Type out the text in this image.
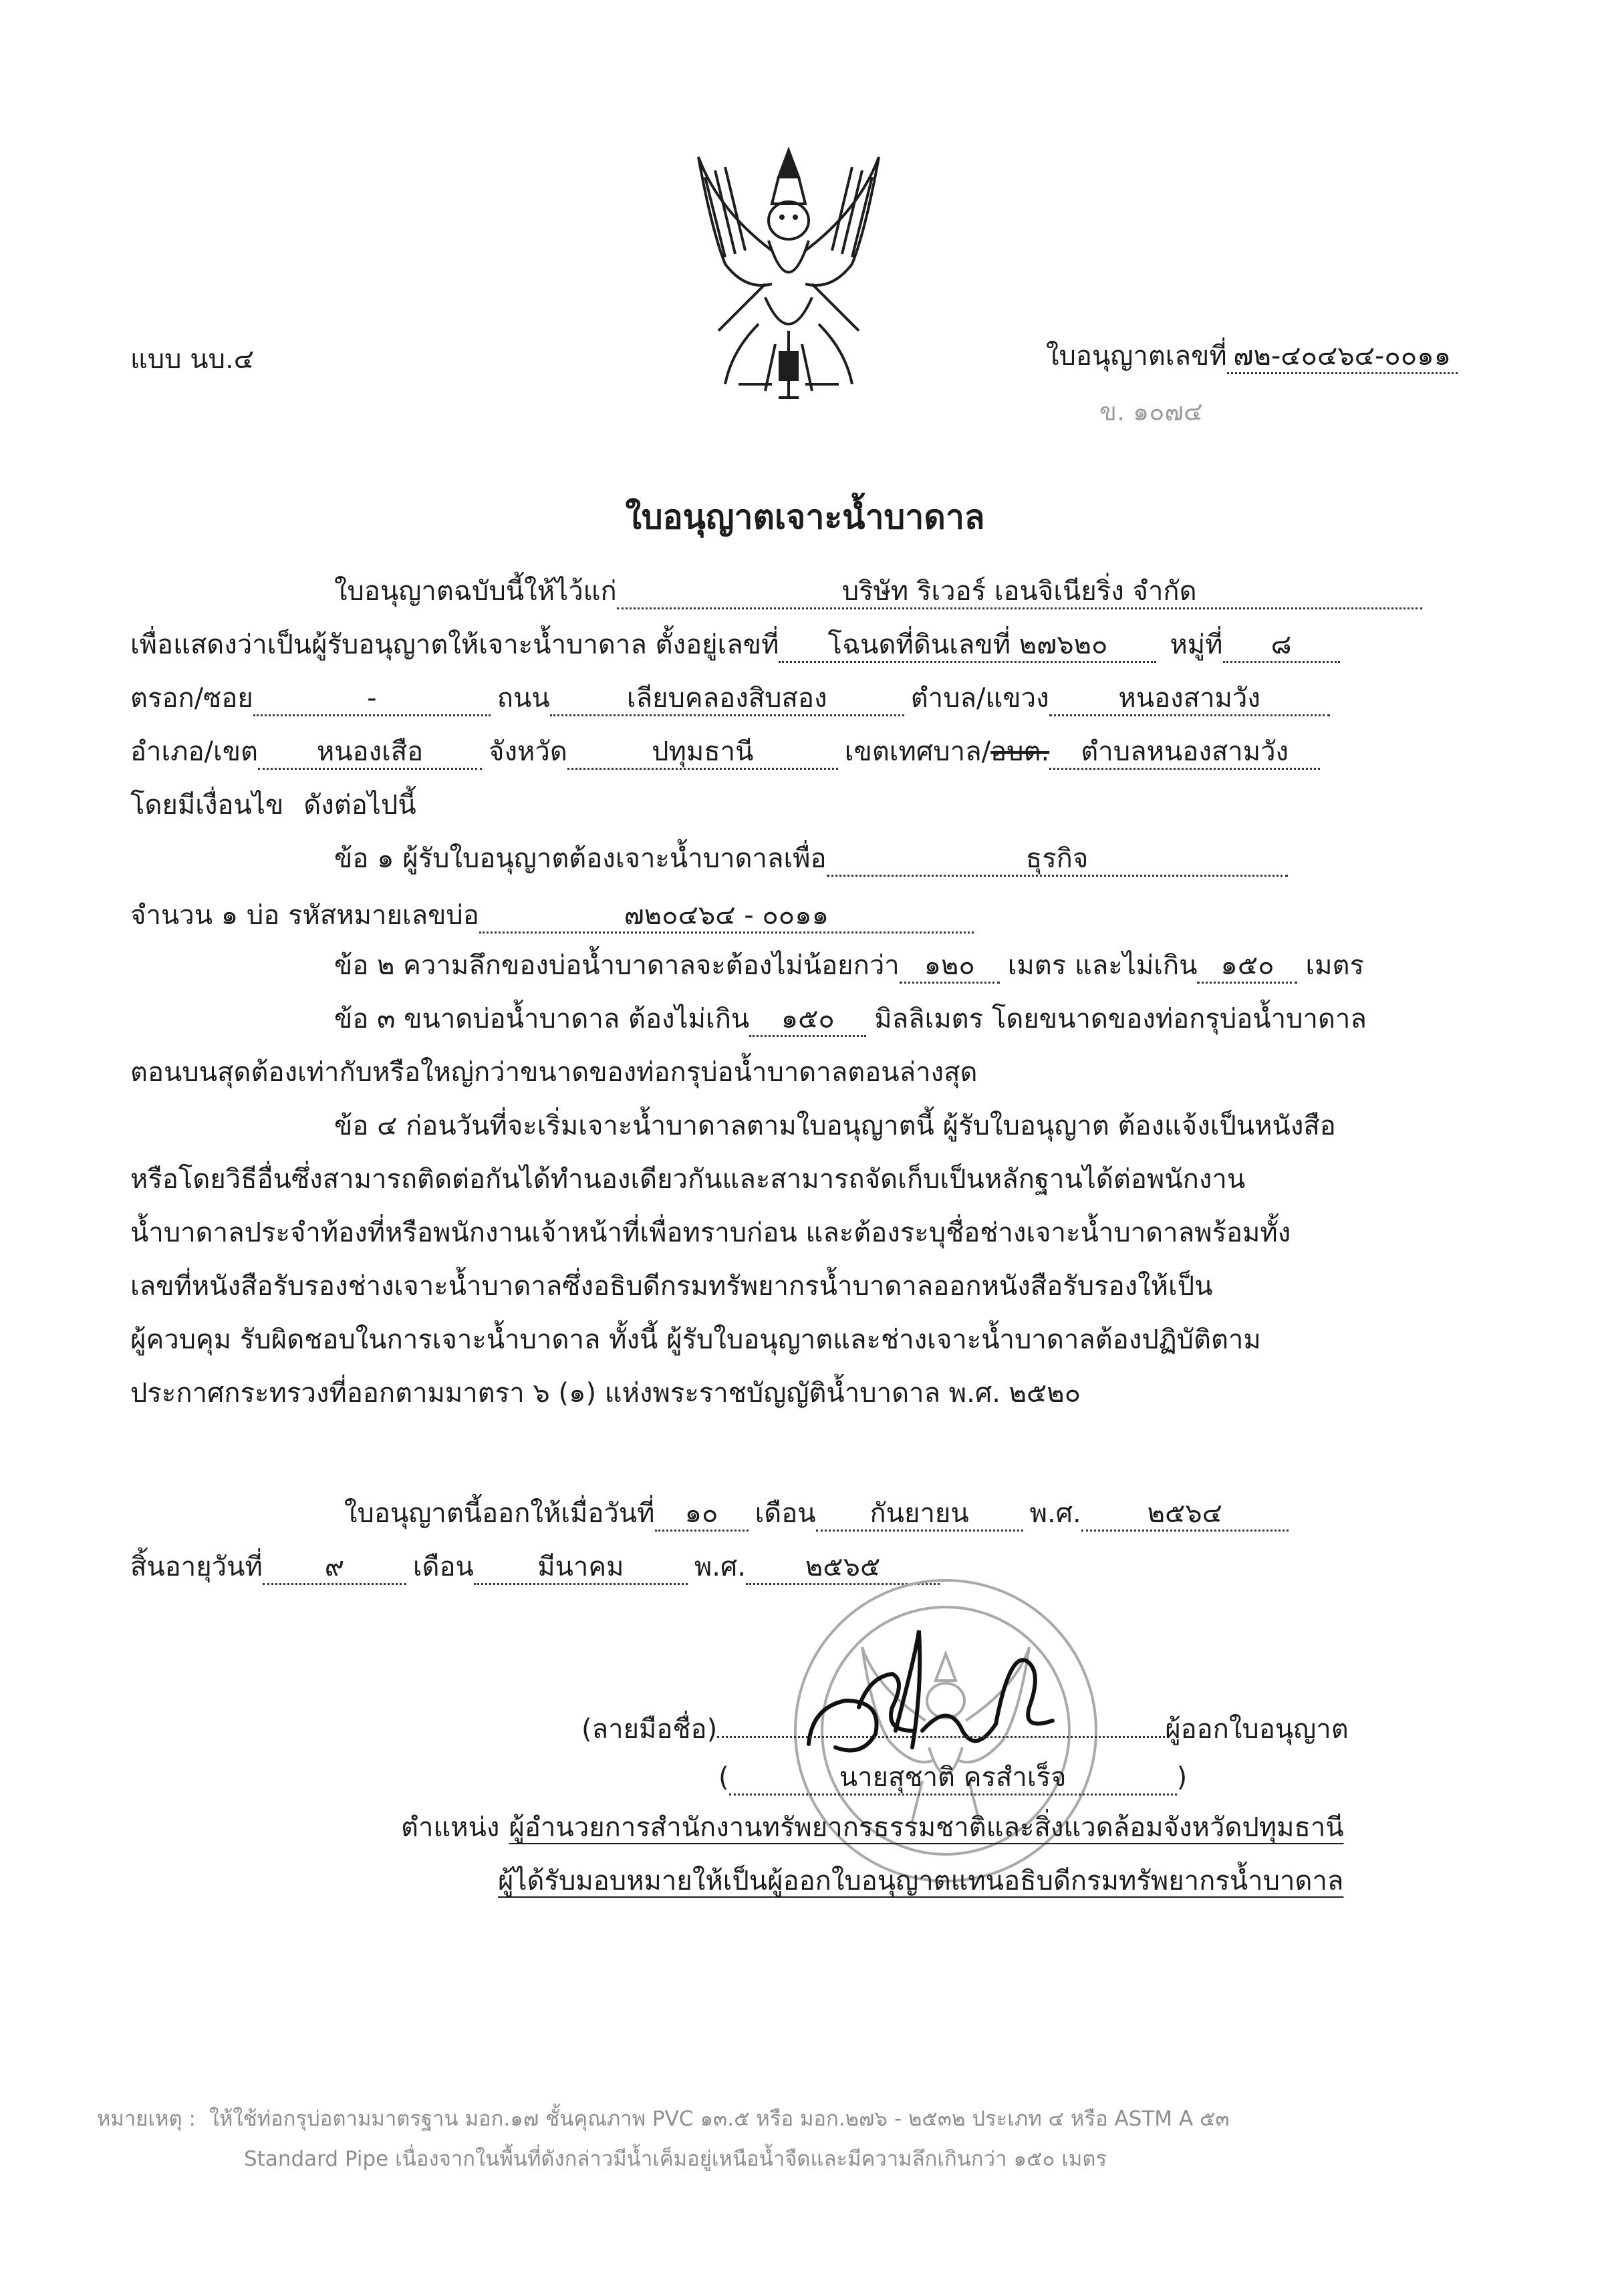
แบบ นบ.๔	ใบอนุญาตเลขที่ ๗๒-๔๐๔๖๔-๐๐๑๑
ข. ๑๐๗๔
ใบอนุญาตเจาะน้ำบาดาล
ใบอนุญาตฉบับนี้ให้ไว้แก่	บริษัท ริเวอร์ เอนจิเนียริ่ง จำกัด
เพื่อแสดงว่าเป็นผู้รับอนุญาตให้เจาะน้ำบาดาล ตั้งอยู่เลขที่ โฉนดที่ดินเลขที่ ๒๗๖๒๐ หมู่ที่ ๘
ตรอก/ซอย	-	ถนน	เลียบคลองสิบสอง	ตำบล/แขวง	หนองสามวัง
อำเภอ/เขต หนองเสือ จังหวัด	ปทุมธานี	เขตเทศบาล/อบต. ตำบลหนองสามวัง
โดยมีเงื่อนไข ดังต่อไปนี้
ข้อ ๑ ผู้รับใบอนุญาตต้องเจาะน้ำบาดาลเพื่อ	ธุรกิจ
จำนวน ๑ บ่อ รหัสหมายเลขบ่อ	๗๒๐๔๖๔ - ๐๐๑๑
ข้อ ๒ ความลึกของบ่อน้ำบาดาลจะต้องไม่น้อยกว่า ๑๒๐ เมตร และไม่เกิน ๑๕๐ เมตร
ข้อ ๓ ขนาดบ่อน้ำบาดาล ต้องไม่เกิน ๑๕๐ มิลลิเมตร โดยขนาดของท่อกรุบ่อน้ำบาดาล
ตอนบนสุดต้องเท่ากับหรือใหญ่กว่าขนาดของท่อกรุบ่อน้ำบาดาลตอนล่างสุด
ข้อ ๔ ก่อนวันที่จะเริ่มเจาะน้ำบาดาลตามใบอนุญาตนี้ ผู้รับใบอนุญาต ต้องแจ้งเป็นหนังสือ
หรือโดยวิธีอื่นซึ่งสามารถติดต่อกันได้ทำนองเดียวกันและสามารถจัดเก็บเป็นหลักฐานได้ต่อพนักงาน
น้ำบาดาลประจำท้องที่หรือพนักงานเจ้าหน้าที่เพื่อทราบก่อน และต้องระบุชื่อช่างเจาะน้ำบาดาลพร้อมทั้ง
เลขที่หนังสือรับรองช่างเจาะน้ำบาดาลซึ่งอธิบดีกรมทรัพยากรน้ำบาดาลออกหนังสือรับรองให้เป็น
ผู้ควบคุม รับผิดชอบในการเจาะน้ำบาดาล ทั้งนี้ ผู้รับใบอนุญาตและช่างเจาะน้ำบาดาลต้องปฏิบัติตาม
ประกาศกระทรวงที่ออกตามมาตรา ๖ (๑) แห่งพระราชบัญญัติน้ำบาดาล พ.ศ. ๒๕๒๐
ใบอนุญาตนี้ออกให้เมื่อวันที่ ๑๐ เดือน กันยายน พ.ศ. ๒๕๖๔
สิ้นอายุวันที่ ๙	เดือน มีนาคม	พ.ศ. ๒๕๖๕
(ลายมือชื่อ)	ผู้ออกใบอนุญาต
(	นายสุชาติ ครสำเร็จ	)
ตำแหน่ง ผู้อำนวยการสำนักงานทรัพยากรธรรมชาติและสิ่งแวดล้อมจังหวัดปทุมธานี
ผู้ได้รับมอบหมายให้เป็นผู้ออกใบอนุญาตแทนอธิบดีกรมทรัพยากรน้ำบาดาล
หมายเหตุ : ให้ใช้ท่อกรุบ่อตามมาตรฐาน มอก.๑๗ ชั้นคุณภาพ PVC ๑๓.๕ หรือ มอก.๒๗๖ - ๒๕๓๒ ประเภท ๔ หรือ ASTM A ๕๓
Standard Pipe เนื่องจากในพื้นที่ดังกล่าวมีน้ำเค็มอยู่เหนือน้ำจืดและมีความลึกเกินกว่า ๑๕๐ เมตร
